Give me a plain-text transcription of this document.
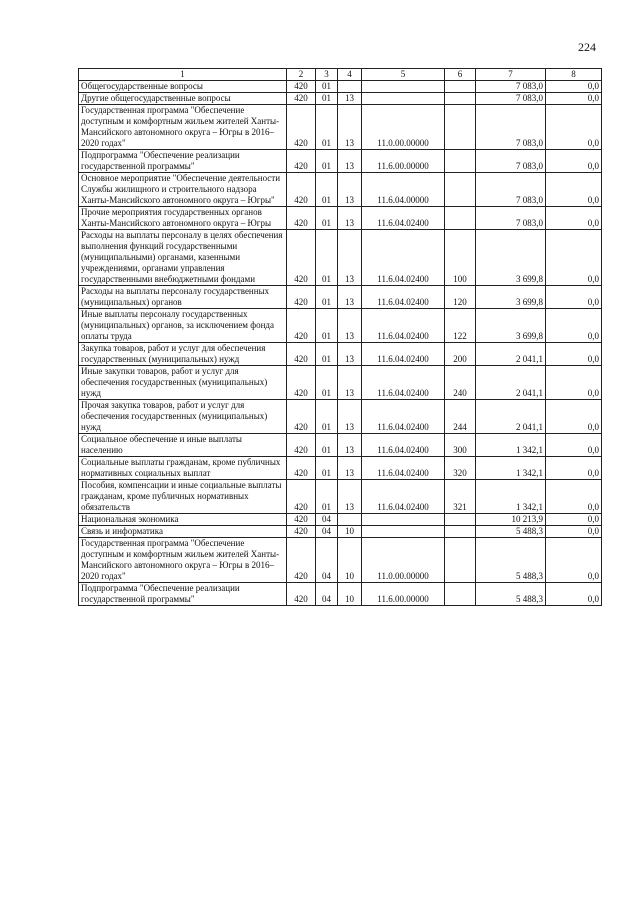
224
1	2	3	4	5	6	7	8
Общегосударственные вопросы	420	01				7 083,0	0,0
Другие общегосударственные вопросы	420	01	13			7 083,0	0,0
Государственная программа "Обеспечение доступным и комфортным жильем жителей Ханты-Мансийского автономного округа – Югры в 2016–2020 годах"	420	01	13	11.0.00.00000		7 083,0	0,0
Подпрограмма "Обеспечение реализации государственной программы"	420	01	13	11.6.00.00000		7 083,0	0,0
Основное мероприятие "Обеспечение деятельности Службы жилищного и строительного надзора Ханты-Мансийского автономного округа – Югры"	420	01	13	11.6.04.00000		7 083,0	0,0
Прочие мероприятия государственных органов Ханты-Мансийского автономного округа – Югры	420	01	13	11.6.04.02400		7 083,0	0,0
Расходы на выплаты персоналу в целях обеспечения выполнения функций государственными (муниципальными) органами, казенными учреждениями, органами управления государственными внебюджетными фондами	420	01	13	11.6.04.02400	100	3 699,8	0,0
Расходы на выплаты персоналу государственных (муниципальных) органов	420	01	13	11.6.04.02400	120	3 699,8	0,0
Иные выплаты персоналу государственных (муниципальных) органов, за исключением фонда оплаты труда	420	01	13	11.6.04.02400	122	3 699,8	0,0
Закупка товаров, работ и услуг для обеспечения государственных (муниципальных) нужд	420	01	13	11.6.04.02400	200	2 041,1	0,0
Иные закупки товаров, работ и услуг для обеспечения государственных (муниципальных) нужд	420	01	13	11.6.04.02400	240	2 041,1	0,0
Прочая закупка товаров, работ и услуг для обеспечения государственных (муниципальных) нужд	420	01	13	11.6.04.02400	244	2 041,1	0,0
Социальное обеспечение и иные выплаты населению	420	01	13	11.6.04.02400	300	1 342,1	0,0
Социальные выплаты гражданам, кроме публичных нормативных социальных выплат	420	01	13	11.6.04.02400	320	1 342,1	0,0
Пособия, компенсации и иные социальные выплаты гражданам, кроме публичных нормативных обязательств	420	01	13	11.6.04.02400	321	1 342,1	0,0
Национальная экономика	420	04				10 213,9	0,0
Связь и информатика	420	04	10			5 488,3	0,0
Государственная программа "Обеспечение доступным и комфортным жильем жителей Ханты-Мансийского автономного округа – Югры в 2016–2020 годах"	420	04	10	11.0.00.00000		5 488,3	0,0
Подпрограмма "Обеспечение реализации государственной программы"	420	04	10	11.6.00.00000		5 488,3	0,0
